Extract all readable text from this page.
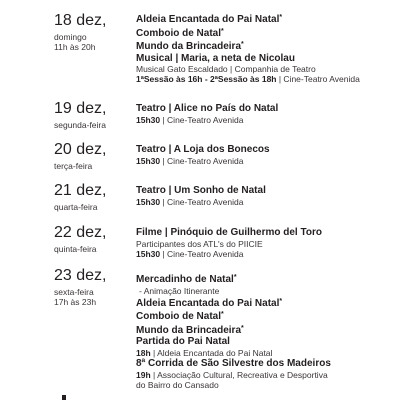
18 dez,
domingo
11h às 20h
Aldeia Encantada do Pai Natal *
Comboio de Natal *
Mundo da Brincadeira *
Musical | Maria, a neta de Nicolau
Musical Gato Escaldado | Companhia de Teatro
1ªSessão às 16h - 2ªSessão às 18h | Cine-Teatro Avenida
19 dez,
segunda-feira
Teatro | Alice no País do Natal
15h30 | Cine-Teatro Avenida
20 dez,
terça-feira
Teatro | A Loja dos Bonecos
15h30 | Cine-Teatro Avenida
21 dez,
quarta-feira
Teatro | Um Sonho de Natal
15h30 | Cine-Teatro Avenida
22 dez,
quinta-feira
Filme | Pinóquio de Guilhermo del Toro
Participantes dos ATL's do PIICIE
15h30 | Cine-Teatro Avenida
23 dez,
sexta-feira
17h às 23h
Mercadinho de Natal *
- Animação Itinerante
Aldeia Encantada do Pai Natal *
Comboio de Natal *
Mundo da Brincadeira *
Partida do Pai Natal
18h | Aldeia Encantada do Pai Natal
8ª Corrida de São Silvestre dos Madeiros
19h | Associação Cultural, Recreativa e Desportiva
do Bairro do Cansado
